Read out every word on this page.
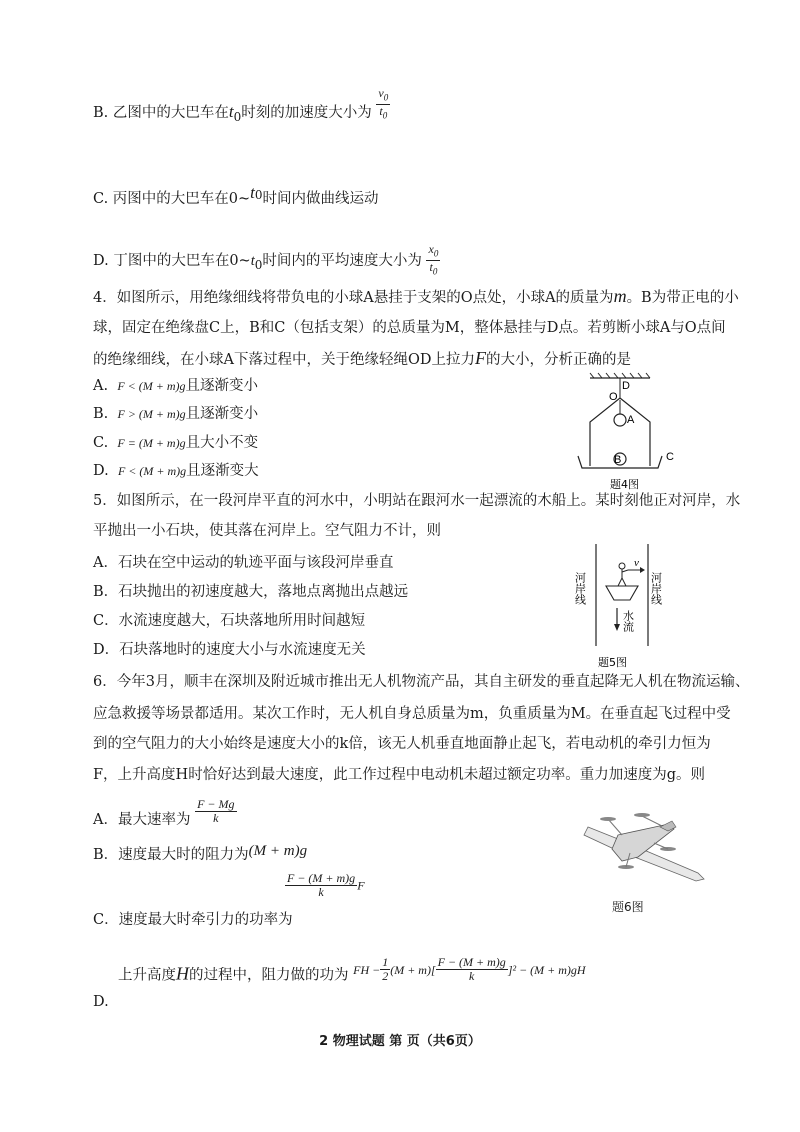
B. 乙图中的大巴车在$t_0$时刻的加速度大小为 $\frac{v_0}{t_0}$
C. 丙图中的大巴车在$0\sim t_0$时间内做曲线运动
D. 丁图中的大巴车在$0\sim t_0$时间内的平均速度大小为 $\frac{x_0}{t_0}$
4．如图所示，用绝缘细线将带负电的小球A悬挂于支架的O点处，小球A的质量为m。B为带正电的小
球，固定在绝缘盘C上，B和C（包括支架）的总质量为M，整体悬挂与D点。若剪断小球A与O点间
的绝缘细线，在小球A下落过程中，关于绝缘轻绳OD上拉力F的大小，分析正确的是
A. F < (M + m)g且逐渐变小
B. F > (M + m)g且逐渐变小
C. F = (M + m)g且大小不变
D. F < (M + m)g且逐渐变大
D
O
A
B	C
题4图
5．如图所示，在一段河岸平直的河水中，小明站在跟河水一起漂流的木船上。某时刻他正对河岸，水
平抛出一小石块，使其落在河岸上。空气阻力不计，则
A．石块在空中运动的轨迹平面与该段河岸垂直
B．石块抛出的初速度越大，落地点离抛出点越远
C．水流速度越大，石块落地所用时间越短
D．石块落地时的速度大小与水流速度无关
v
水流
河岸线	河岸线
题5图
6．今年3月，顺丰在深圳及附近城市推出无人机物流产品，其自主研发的垂直起降无人机在物流运输、
应急救援等场景都适用。某次工作时，无人机自身总质量为m，负重质量为M。在垂直起飞过程中受
到的空气阻力的大小始终是速度大小的k倍，该无人机垂直地面静止起飞，若电动机的牵引力恒为
F，上升高度H时恰好达到最大速度，此工作过程中电动机未超过额定功率。重力加速度为g。则
A．最大速率为 $\frac{F - Mg}{k}$
B．速度最大时的阻力为(M + m)g
$\frac{F - (M + m)g}{k}$ F
C．速度最大时牵引力的功率为
上升高度H的过程中，阻力做的功为 $^{FH -} \frac{1}{2} ^{(M + m)[} \frac{F - (M + m)g}{k} ^{]^2 - (M + m)gH}$
D.
题6图
2 物理试题 第 页（共6页）
